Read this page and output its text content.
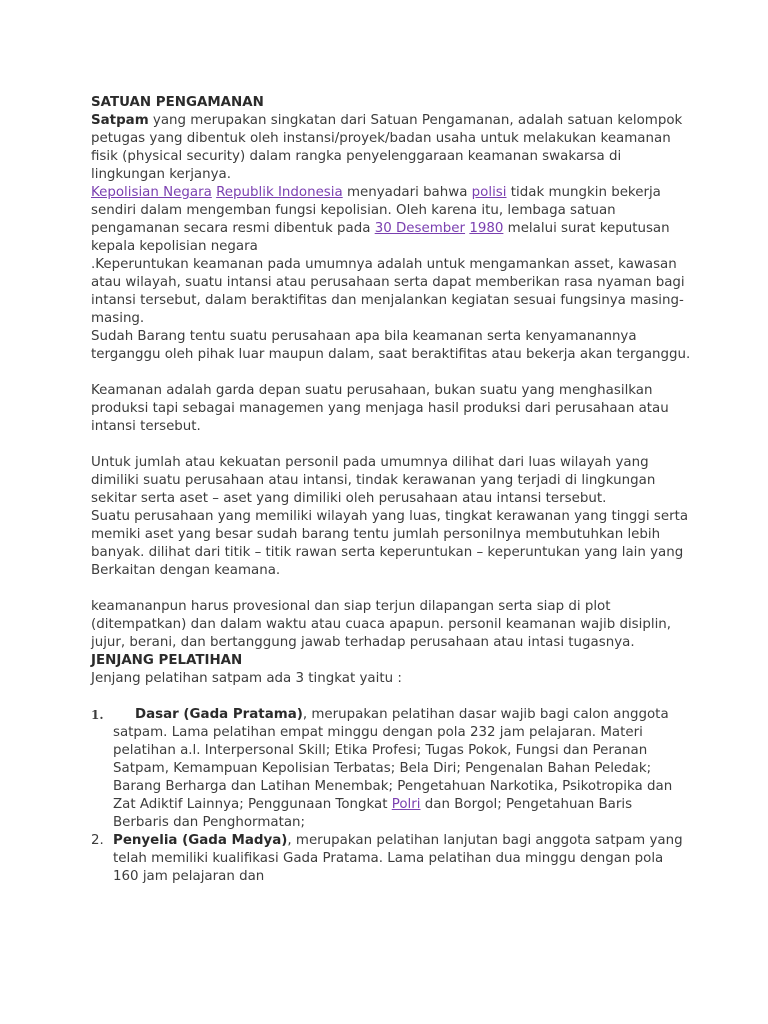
SATUAN PENGAMANAN

Satpam yang merupakan singkatan dari Satuan Pengamanan, adalah satuan kelompok petugas yang dibentuk oleh instansi/proyek/badan usaha untuk melakukan keamanan fisik (physical security) dalam rangka penyelenggaraan keamanan swakarsa di lingkungan kerjanya.

Kepolisian Negara Republik Indonesia menyadari bahwa polisi tidak mungkin bekerja sendiri dalam mengemban fungsi kepolisian. Oleh karena itu, lembaga satuan pengamanan secara resmi dibentuk pada 30 Desember 1980 melalui surat keputusan kepala kepolisian negara

.Keperuntukan keamanan pada umumnya adalah untuk mengamankan asset, kawasan atau wilayah, suatu intansi atau perusahaan serta dapat memberikan rasa nyaman bagi intansi tersebut, dalam beraktifitas dan menjalankan kegiatan sesuai fungsinya masing-masing.

Sudah Barang tentu suatu perusahaan apa bila keamanan serta kenyamanannya terganggu oleh pihak luar maupun dalam, saat beraktifitas atau bekerja akan terganggu.

Keamanan adalah garda depan suatu perusahaan, bukan suatu yang menghasilkan produksi tapi sebagai managemen yang menjaga hasil produksi dari perusahaan atau intansi tersebut.

Untuk jumlah atau kekuatan personil pada umumnya dilihat dari luas wilayah yang dimiliki suatu perusahaan atau intansi, tindak kerawanan yang terjadi di lingkungan sekitar serta aset – aset yang dimiliki oleh perusahaan atau intansi tersebut.

Suatu perusahaan yang memiliki wilayah yang luas, tingkat kerawanan yang tinggi serta memiki aset yang besar sudah barang tentu jumlah personilnya membutuhkan lebih banyak. dilihat dari titik – titik rawan serta keperuntukan – keperuntukan yang lain yang Berkaitan dengan keamana.

keamananpun harus provesional dan siap terjun dilapangan serta siap di plot (ditempatkan) dan dalam waktu atau cuaca apapun. personil keamanan wajib disiplin, jujur, berani, dan bertanggung jawab terhadap perusahaan atau intasi tugasnya.

JENJANG PELATIHAN

Jenjang pelatihan satpam ada 3 tingkat yaitu :

1. Dasar (Gada Pratama), merupakan pelatihan dasar wajib bagi calon anggota satpam. Lama pelatihan empat minggu dengan pola 232 jam pelajaran. Materi pelatihan a.l. Interpersonal Skill; Etika Profesi; Tugas Pokok, Fungsi dan Peranan Satpam, Kemampuan Kepolisian Terbatas; Bela Diri; Pengenalan Bahan Peledak; Barang Berharga dan Latihan Menembak; Pengetahuan Narkotika, Psikotropika dan Zat Adiktif Lainnya; Penggunaan Tongkat Polri dan Borgol; Pengetahuan Baris Berbaris dan Penghormatan;
2. Penyelia (Gada Madya), merupakan pelatihan lanjutan bagi anggota satpam yang telah memiliki kualifikasi Gada Pratama. Lama pelatihan dua minggu dengan pola 160 jam pelajaran dan
